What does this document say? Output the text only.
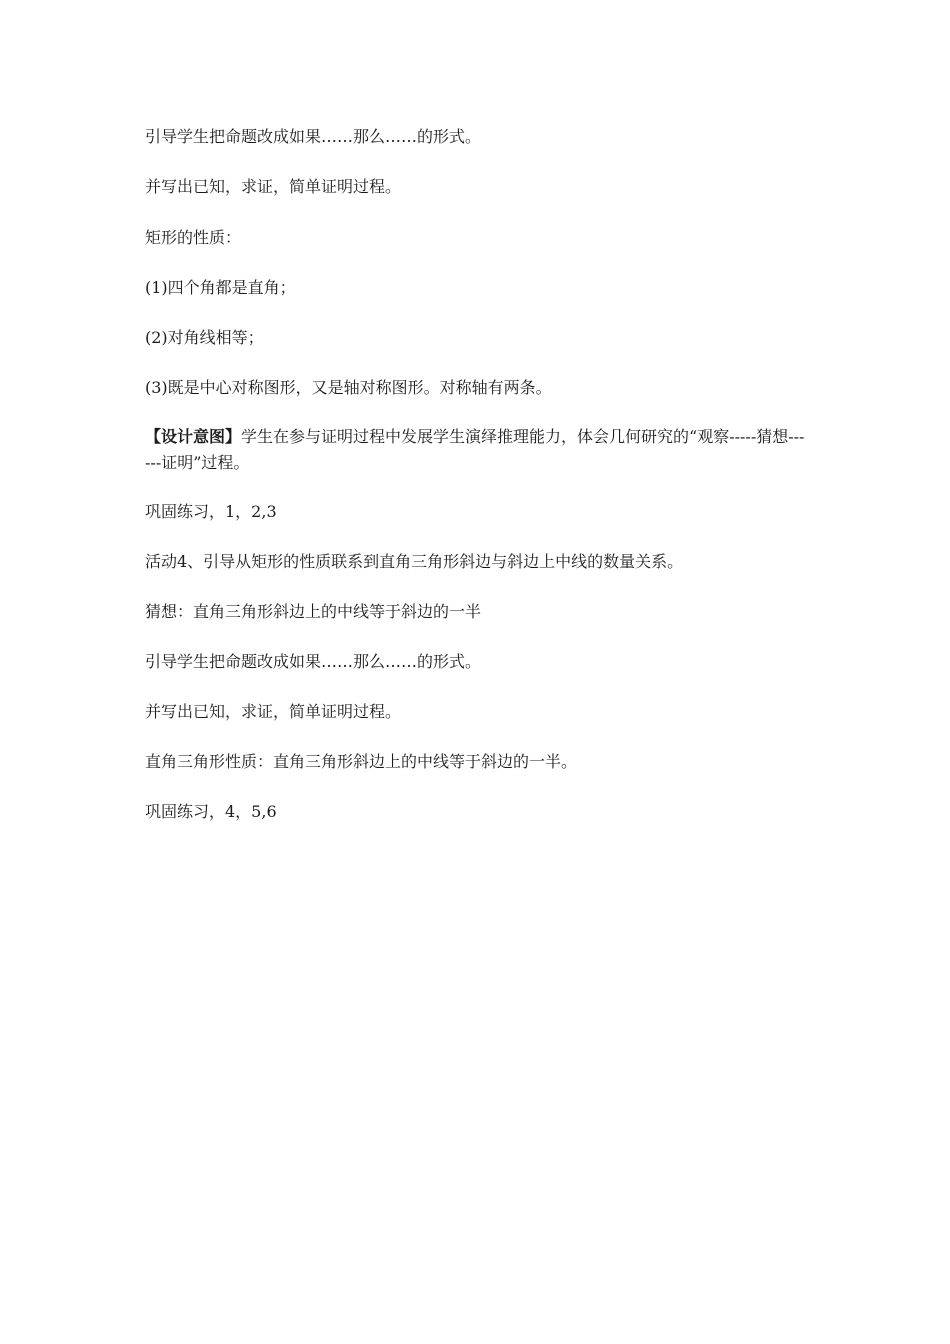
引导学生把命题改成如果……那么……的形式。

并写出已知，求证，简单证明过程。

矩形的性质：

(1)四个角都是直角；

(2)对角线相等；

(3)既是中心对称图形，又是轴对称图形。对称轴有两条。

【设计意图】学生在参与证明过程中发展学生演绎推理能力，体会几何研究的“观察-----猜想------证明”过程。

巩固练习，1，2,3

活动4、引导从矩形的性质联系到直角三角形斜边与斜边上中线的数量关系。

猜想：直角三角形斜边上的中线等于斜边的一半

引导学生把命题改成如果……那么……的形式。

并写出已知，求证，简单证明过程。

直角三角形性质：直角三角形斜边上的中线等于斜边的一半。

巩固练习，4，5,6
